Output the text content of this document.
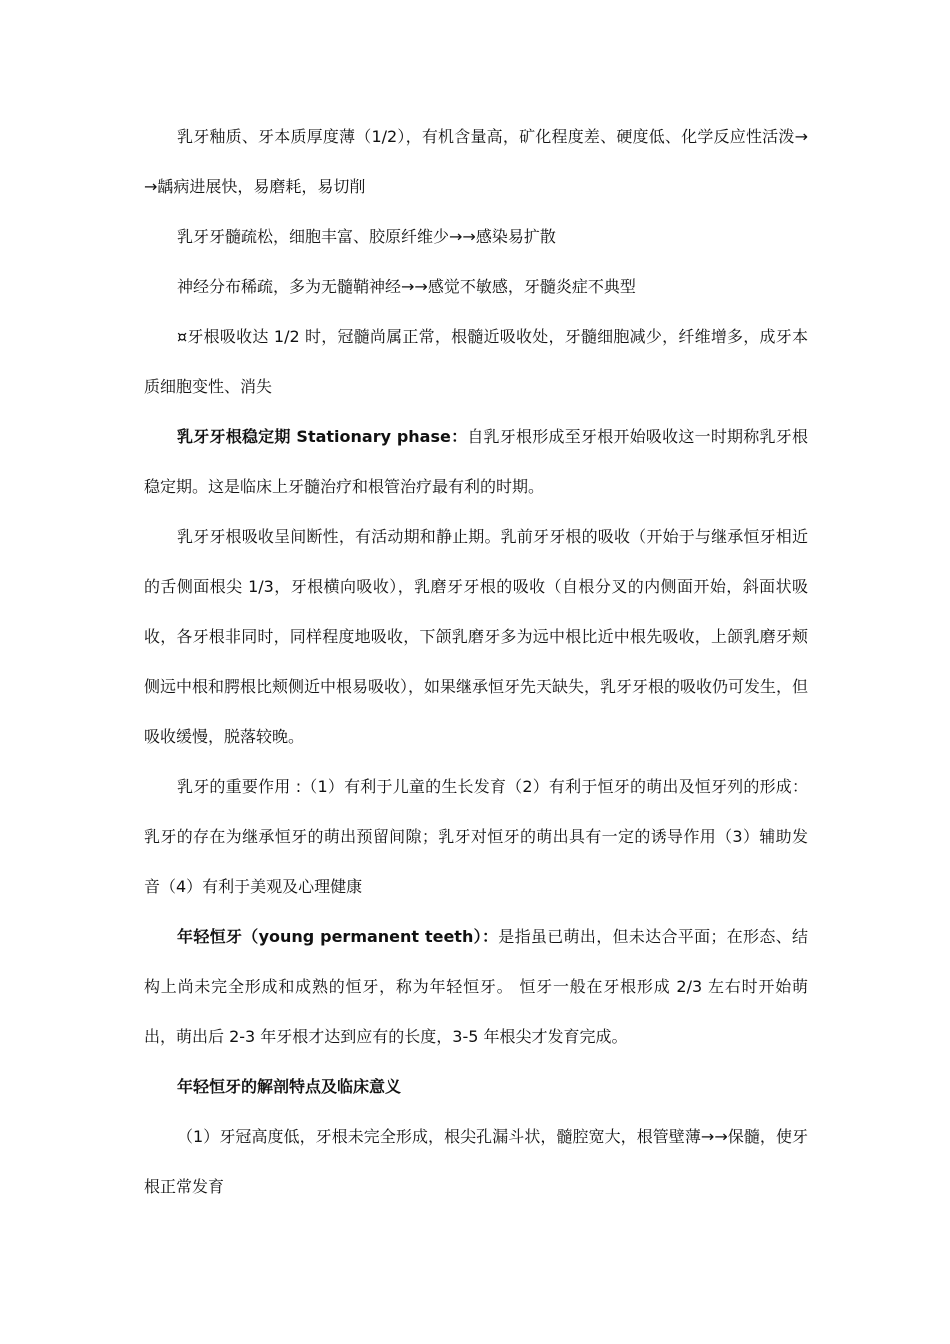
乳牙釉质、牙本质厚度薄（1/2），有机含量高，矿化程度差、硬度低、化学反应性活泼→→龋病进展快，易磨耗，易切削

乳牙牙髓疏松，细胞丰富、胶原纤维少→→感染易扩散

神经分布稀疏，多为无髓鞘神经→→感觉不敏感，牙髓炎症不典型

¤牙根吸收达 1/2 时，冠髓尚属正常，根髓近吸收处，牙髓细胞减少，纤维增多，成牙本质细胞变性、消失

乳牙牙根稳定期 Stationary phase：自乳牙根形成至牙根开始吸收这一时期称乳牙根稳定期。这是临床上牙髓治疗和根管治疗最有利的时期。

乳牙牙根吸收呈间断性，有活动期和静止期。乳前牙牙根的吸收（开始于与继承恒牙相近的舌侧面根尖 1/3，牙根横向吸收），乳磨牙牙根的吸收（自根分叉的内侧面开始，斜面状吸收，各牙根非同时，同样程度地吸收，下颌乳磨牙多为远中根比近中根先吸收，上颌乳磨牙颊侧远中根和腭根比颊侧近中根易吸收），如果继承恒牙先天缺失，乳牙牙根的吸收仍可发生，但吸收缓慢，脱落较晚。

乳牙的重要作用 :（1）有利于儿童的生长发育（2）有利于恒牙的萌出及恒牙列的形成：乳牙的存在为继承恒牙的萌出预留间隙；乳牙对恒牙的萌出具有一定的诱导作用（3）辅助发音（4）有利于美观及心理健康

年轻恒牙（young permanent teeth）：是指虽已萌出，但未达合平面；在形态、结构上尚未完全形成和成熟的恒牙，称为年轻恒牙。 恒牙一般在牙根形成 2/3 左右时开始萌出，萌出后 2-3 年牙根才达到应有的长度，3-5 年根尖才发育完成。

年轻恒牙的解剖特点及临床意义

（1）牙冠高度低，牙根未完全形成，根尖孔漏斗状，髓腔宽大，根管壁薄→→保髓，使牙根正常发育
